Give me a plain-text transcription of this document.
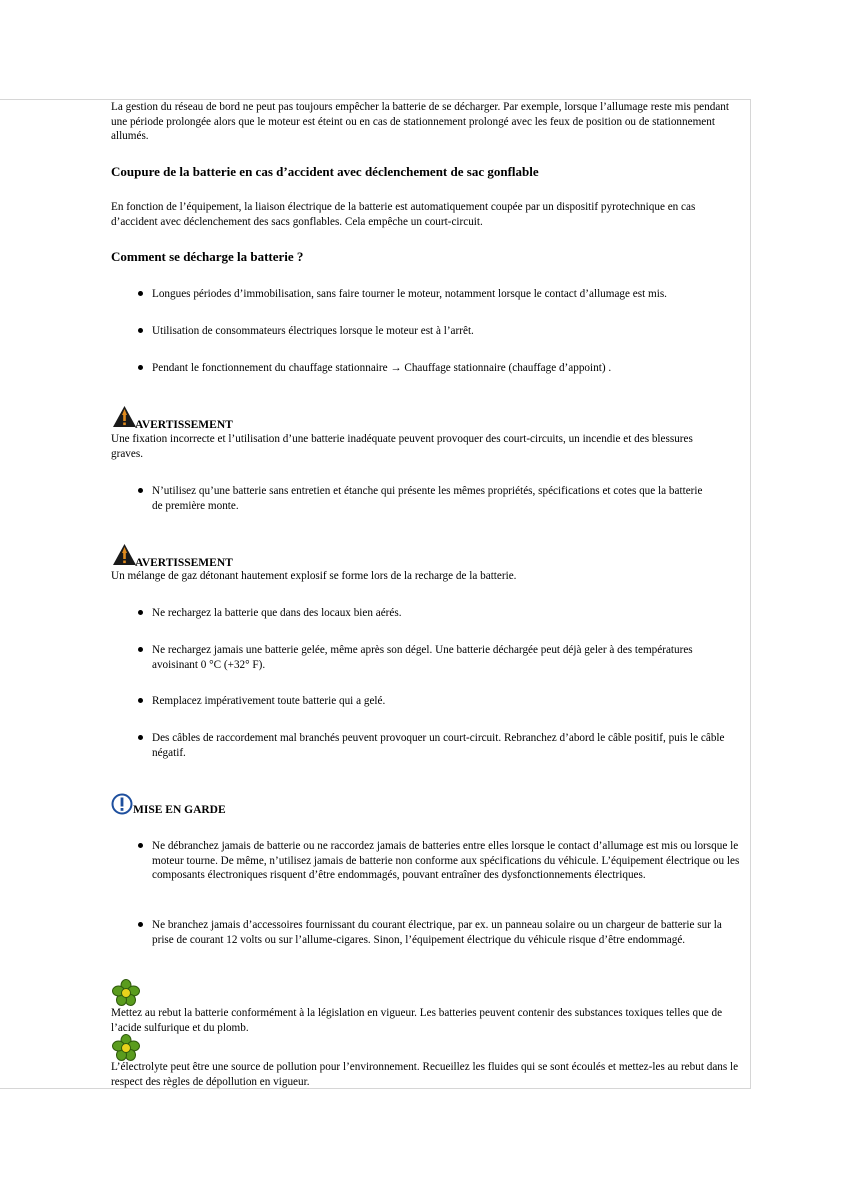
La gestion du réseau de bord ne peut pas toujours empêcher la batterie de se décharger. Par exemple, lorsque l’allumage reste mis pendant une période prolongée alors que le moteur est éteint ou en cas de stationnement prolongé avec les feux de position ou de stationnement allumés.

Coupure de la batterie en cas d’accident avec déclenchement de sac gonflable

En fonction de l’équipement, la liaison électrique de la batterie est automatiquement coupée par un dispositif pyrotechnique en cas d’accident avec déclenchement des sacs gonflables. Cela empêche un court-circuit.

Comment se décharge la batterie ?

Longues périodes d’immobilisation, sans faire tourner le moteur, notamment lorsque le contact d’allumage est mis.

Utilisation de consommateurs électriques lorsque le moteur est à l’arrêt.

Pendant le fonctionnement du chauffage stationnaire → Chauffage stationnaire (chauffage d’appoint) .

AVERTISSEMENT

Une fixation incorrecte et l’utilisation d’une batterie inadéquate peuvent provoquer des court-circuits, un incendie et des blessures graves.

N’utilisez qu’une batterie sans entretien et étanche qui présente les mêmes propriétés, spécifications et cotes que la batterie de première monte.

AVERTISSEMENT

Un mélange de gaz détonant hautement explosif se forme lors de la recharge de la batterie.

Ne rechargez la batterie que dans des locaux bien aérés.

Ne rechargez jamais une batterie gelée, même après son dégel. Une batterie déchargée peut déjà geler à des températures avoisinant 0 °C (+32° F).

Remplacez impérativement toute batterie qui a gelé.

Des câbles de raccordement mal branchés peuvent provoquer un court-circuit. Rebranchez d’abord le câble positif, puis le câble négatif.

MISE EN GARDE

Ne débranchez jamais de batterie ou ne raccordez jamais de batteries entre elles lorsque le contact d’allumage est mis ou lorsque le moteur tourne. De même, n’utilisez jamais de batterie non conforme aux spécifications du véhicule. L’équipement électrique ou les composants électroniques risquent d’être endommagés, pouvant entraîner des dysfonctionnements électriques.

Ne branchez jamais d’accessoires fournissant du courant électrique, par ex. un panneau solaire ou un chargeur de batterie sur la prise de courant 12 volts ou sur l’allume-cigares. Sinon, l’équipement électrique du véhicule risque d’être endommagé.

Mettez au rebut la batterie conformément à la législation en vigueur. Les batteries peuvent contenir des substances toxiques telles que de l’acide sulfurique et du plomb.

L’électrolyte peut être une source de pollution pour l’environnement. Recueillez les fluides qui se sont écoulés et mettez-les au rebut dans le respect des règles de dépollution en vigueur.
